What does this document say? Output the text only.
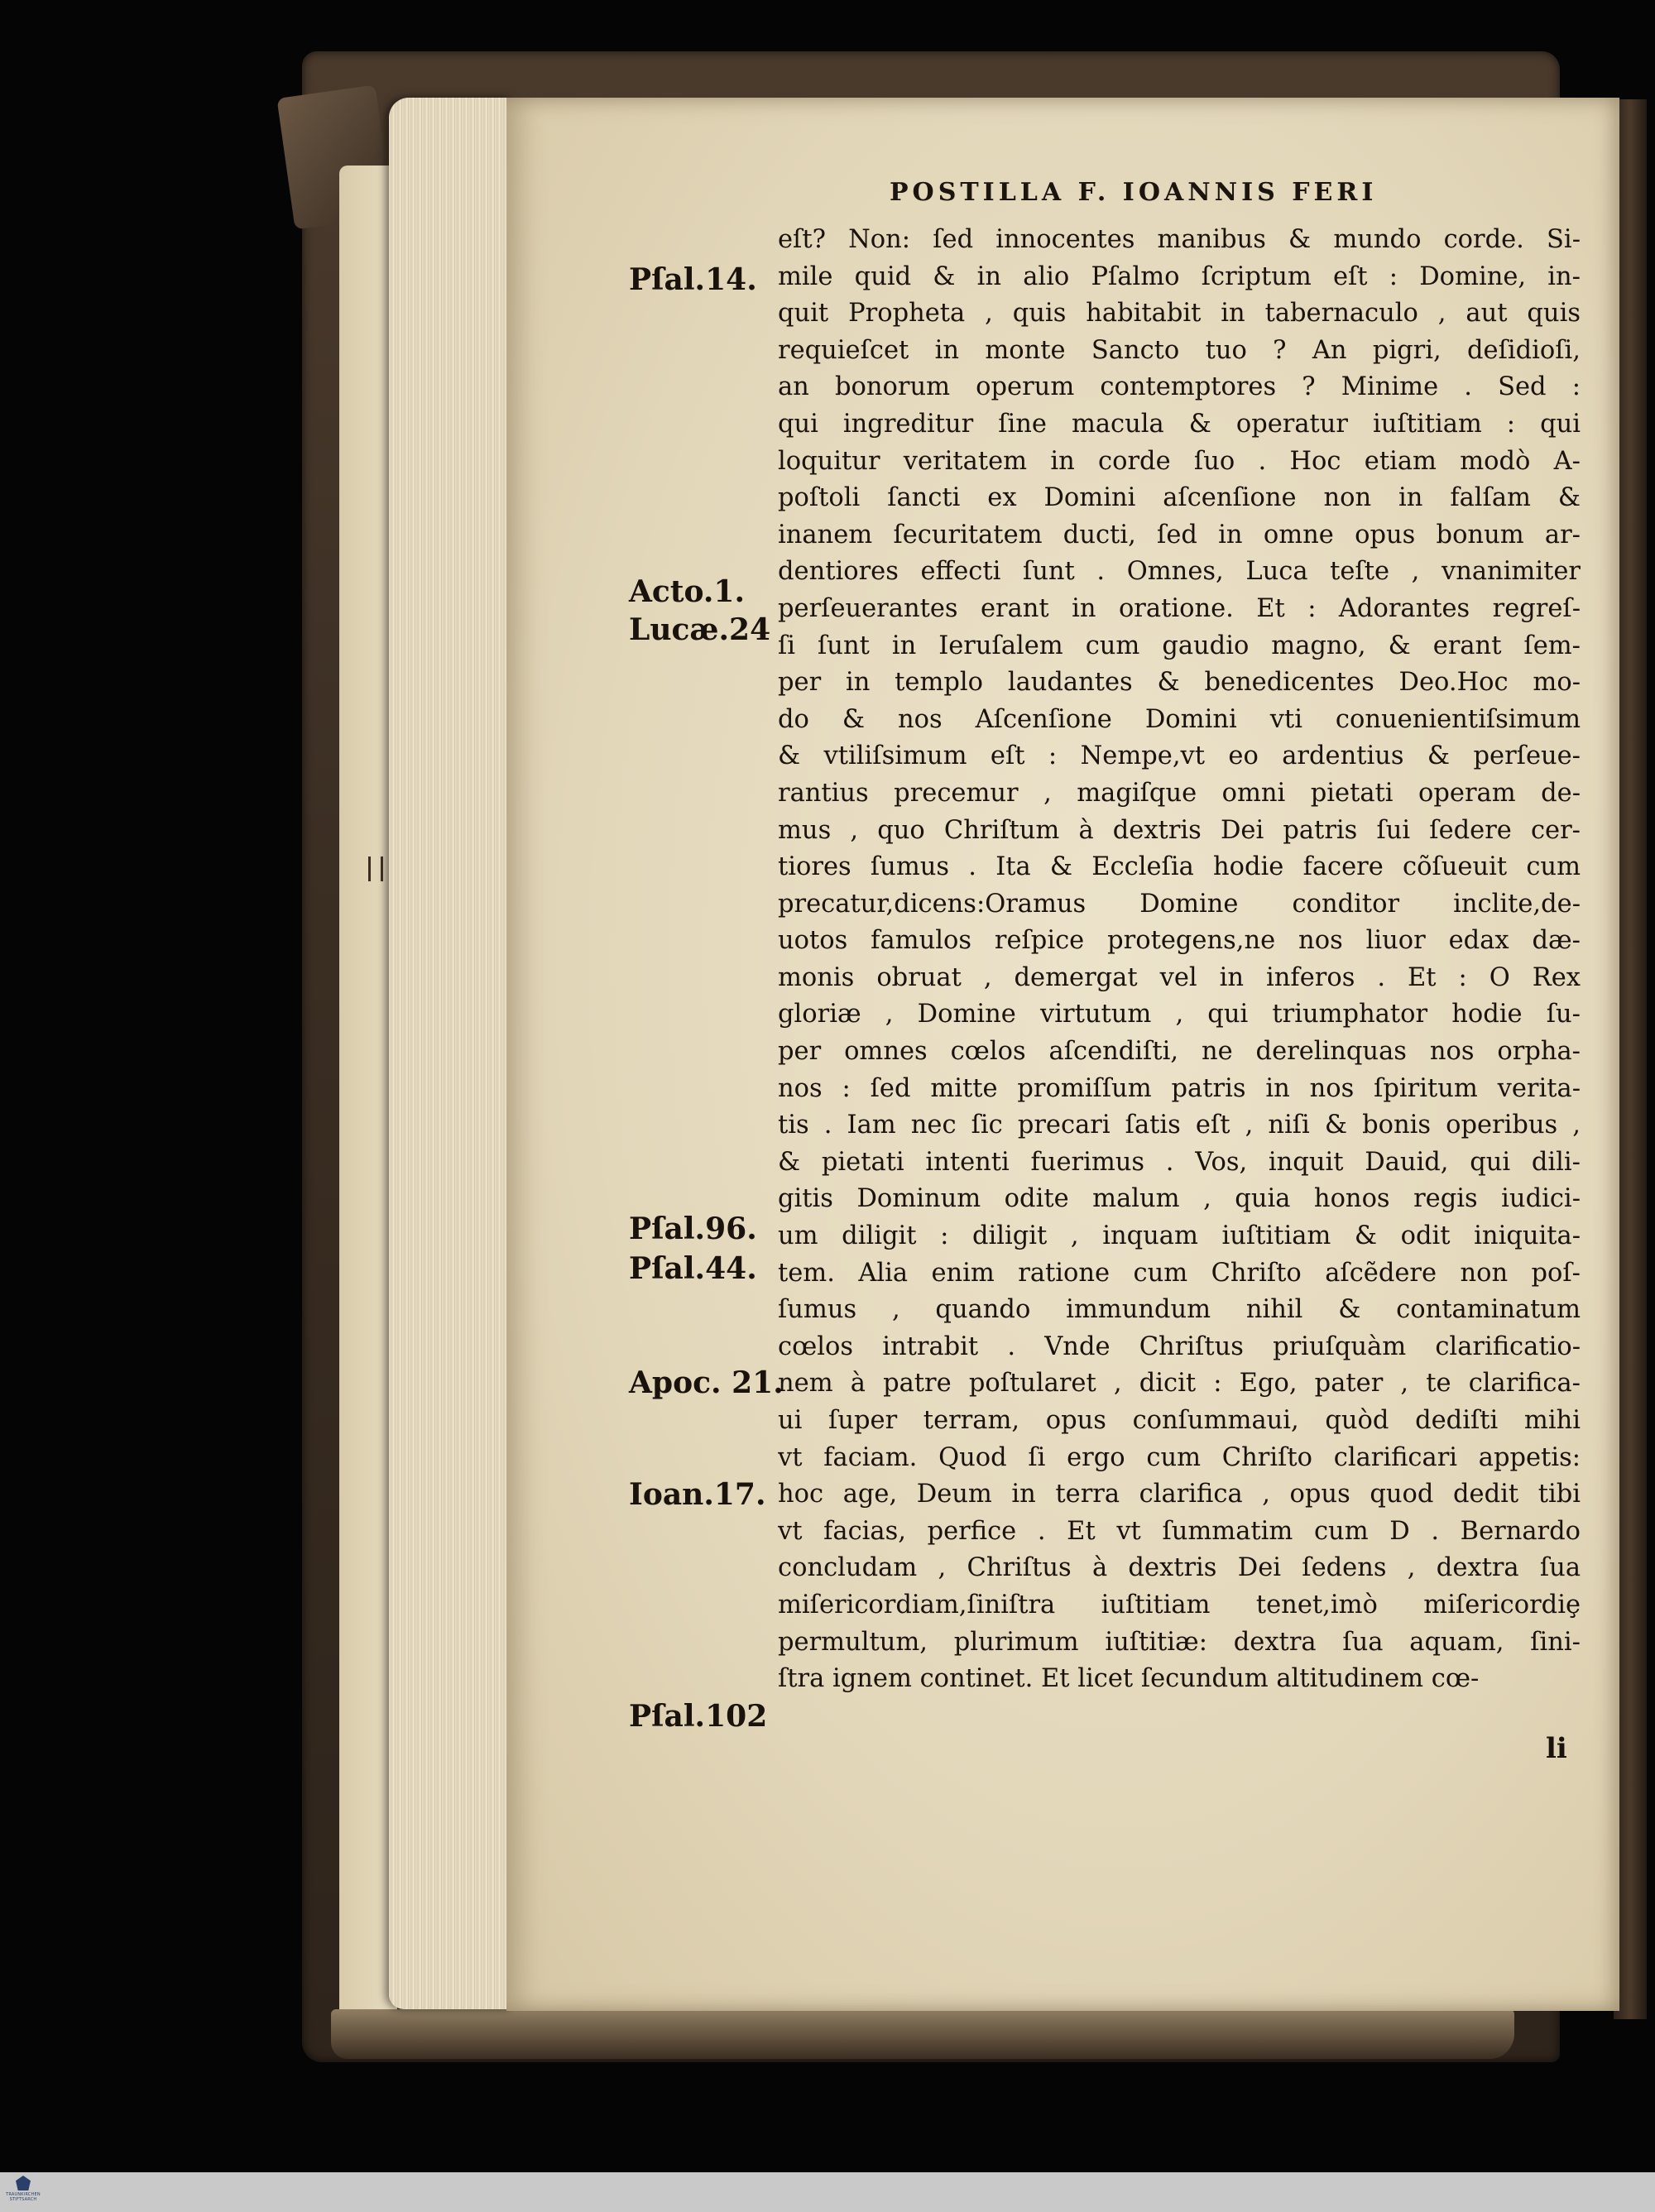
POSTILLA F. IOANNIS FERI
Pſal.14.
Acto.1.
Lucæ.24
Pſal.96.
Pſal.44.
Apoc. 21.
Ioan.17.
Pſal.102
eſt? Non: ſed innocentes manibus & mundo corde. Si-
mile quid & in alio Pſalmo ſcriptum eſt : Domine, in-
quit Propheta , quis habitabit in tabernaculo , aut quis
requieſcet in monte Sancto tuo ? An pigri, deſidioſi,
an bonorum operum contemptores ? Minime . Sed :
qui ingreditur ſine macula & operatur iuſtitiam : qui
loquitur veritatem in corde ſuo . Hoc etiam modò A-
poſtoli ſancti ex Domini aſcenſione non in falſam &
inanem ſecuritatem ducti, ſed in omne opus bonum ar-
dentiores effecti ſunt . Omnes, Luca teſte , vnanimiter
perſeuerantes erant in oratione. Et : Adorantes regreſ-
ſi ſunt in Ieruſalem cum gaudio magno, & erant ſem-
per in templo laudantes & benedicentes Deo.Hoc mo-
do & nos Aſcenſione Domini vti conuenientiſsimum
& vtiliſsimum eſt : Nempe,vt eo ardentius & perſeue-
rantius precemur , magiſque omni pietati operam de-
mus , quo Chriſtum à dextris Dei patris ſui ſedere cer-
tiores ſumus . Ita & Eccleſia hodie facere cõſueuit cum
precatur,dicens:Oramus Domine conditor inclite,de-
uotos famulos reſpice protegens,ne nos liuor edax dæ-
monis obruat , demergat vel in inferos . Et : O Rex
gloriæ , Domine virtutum , qui triumphator hodie ſu-
per omnes cœlos aſcendiſti, ne derelinquas nos orpha-
nos : ſed mitte promiſſum patris in nos ſpiritum verita-
tis . Iam nec ſic precari ſatis eſt , niſi & bonis operibus ,
& pietati intenti fuerimus . Vos, inquit Dauid, qui dili-
gitis Dominum odite malum , quia honos regis iudici-
um diligit : diligit , inquam iuſtitiam & odit iniquita-
tem. Alia enim ratione cum Chriſto aſcẽdere non poſ-
ſumus , quando immundum nihil & contaminatum
cœlos intrabit . Vnde Chriſtus priuſquàm clarificatio-
nem à patre poſtularet , dicit : Ego, pater , te clarifica-
ui ſuper terram, opus conſummaui, quòd dediſti mihi
vt faciam. Quod ſi ergo cum Chriſto clarificari appetis:
hoc age, Deum in terra clarifica , opus quod dedit tibi
vt facias, perfice . Et vt ſummatim cum D . Bernardo
concludam , Chriſtus à dextris Dei ſedens , dextra ſua
miſericordiam,ſiniſtra iuſtitiam tenet,imò miſericordiȩ
permultum, plurimum iuſtitiæ: dextra ſua aquam, ſini-
ſtra ignem continet. Et licet ſecundum altitudinem cœ-
li
TRAUNKIRCHEN
STIFTSARCH
